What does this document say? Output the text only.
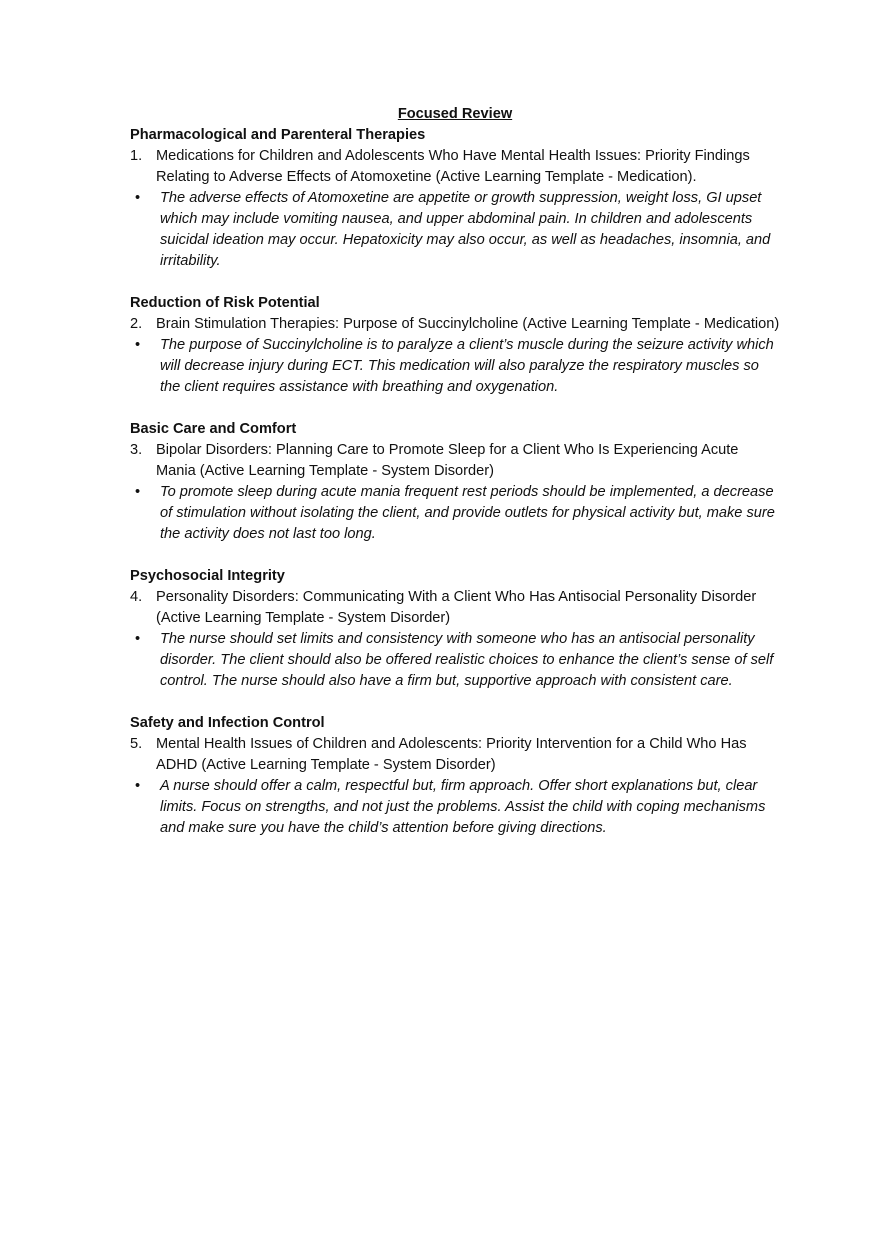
Focused Review
Pharmacological and Parenteral Therapies
1. Medications for Children and Adolescents Who Have Mental Health Issues: Priority Findings Relating to Adverse Effects of Atomoxetine (Active Learning Template - Medication).
• The adverse effects of Atomoxetine are appetite or growth suppression, weight loss, GI upset which may include vomiting nausea, and upper abdominal pain. In children and adolescents suicidal ideation may occur. Hepatoxicity may also occur, as well as headaches, insomnia, and irritability.
Reduction of Risk Potential
2. Brain Stimulation Therapies: Purpose of Succinylcholine (Active Learning Template - Medication)
• The purpose of Succinylcholine is to paralyze a client’s muscle during the seizure activity which will decrease injury during ECT. This medication will also paralyze the respiratory muscles so the client requires assistance with breathing and oxygenation.
Basic Care and Comfort
3. Bipolar Disorders: Planning Care to Promote Sleep for a Client Who Is Experiencing Acute Mania (Active Learning Template - System Disorder)
• To promote sleep during acute mania frequent rest periods should be implemented, a decrease of stimulation without isolating the client, and provide outlets for physical activity but, make sure the activity does not last too long.
Psychosocial Integrity
4. Personality Disorders: Communicating With a Client Who Has Antisocial Personality Disorder (Active Learning Template - System Disorder)
• The nurse should set limits and consistency with someone who has an antisocial personality disorder. The client should also be offered realistic choices to enhance the client’s sense of self control. The nurse should also have a firm but, supportive approach with consistent care.
Safety and Infection Control
5. Mental Health Issues of Children and Adolescents: Priority Intervention for a Child Who Has ADHD (Active Learning Template - System Disorder)
• A nurse should offer a calm, respectful but, firm approach. Offer short explanations but, clear limits. Focus on strengths, and not just the problems. Assist the child with coping mechanisms and make sure you have the child’s attention before giving directions.
